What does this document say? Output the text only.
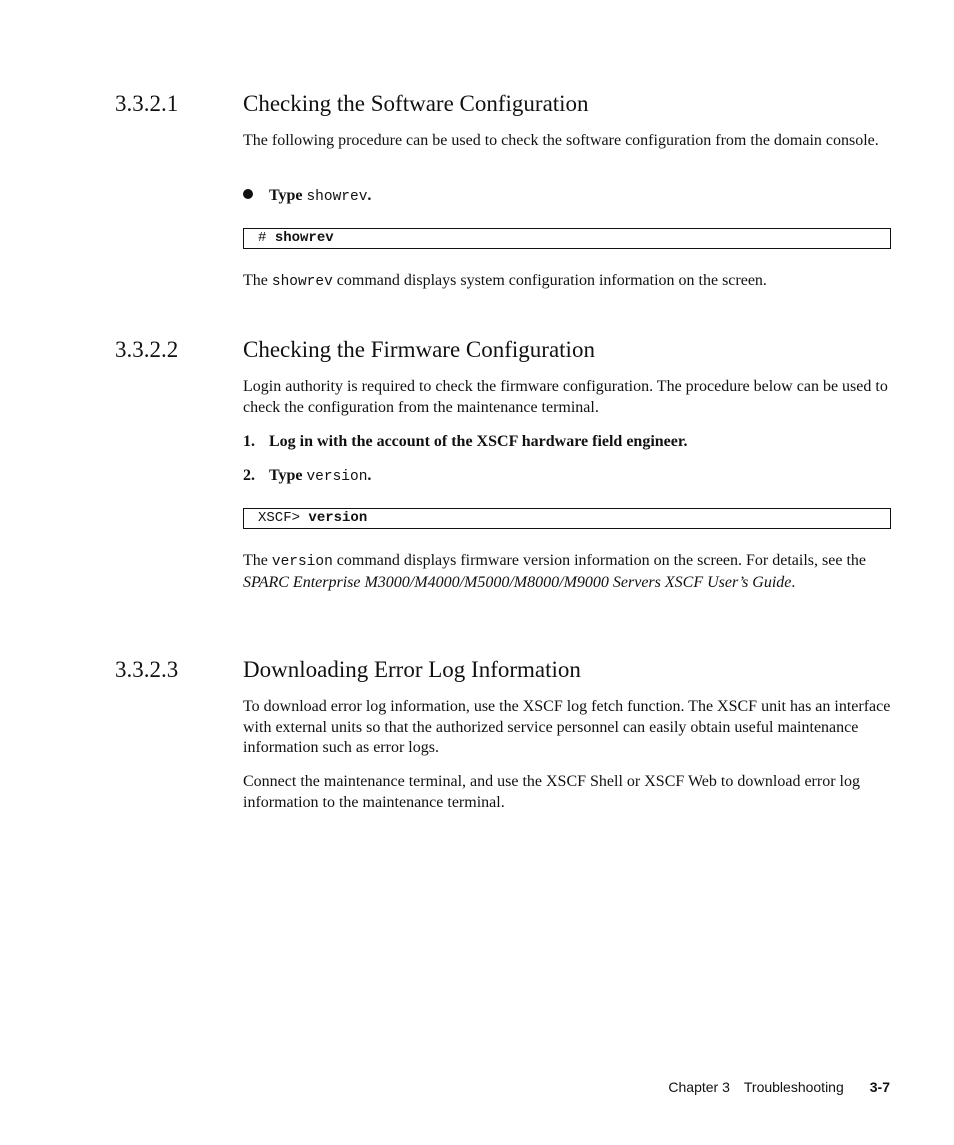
3.3.2.1	Checking the Software Configuration

The following procedure can be used to check the software configuration from the domain console.

Type showrev.
# showrev

The showrev command displays system configuration information on the screen.

3.3.2.2	Checking the Firmware Configuration

Login authority is required to check the firmware configuration. The procedure below can be used to check the configuration from the maintenance terminal.

1. Log in with the account of the XSCF hardware field engineer.
2. Type version.
XSCF> version

The version command displays firmware version information on the screen. For details, see the SPARC Enterprise M3000/M4000/M5000/M8000/M9000 Servers XSCF User’s Guide.

3.3.2.3	Downloading Error Log Information

To download error log information, use the XSCF log fetch function. The XSCF unit has an interface with external units so that the authorized service personnel can easily obtain useful maintenance information such as error logs.

Connect the maintenance terminal, and use the XSCF Shell or XSCF Web to download error log information to the maintenance terminal.

Chapter 3 Troubleshooting 3-7
